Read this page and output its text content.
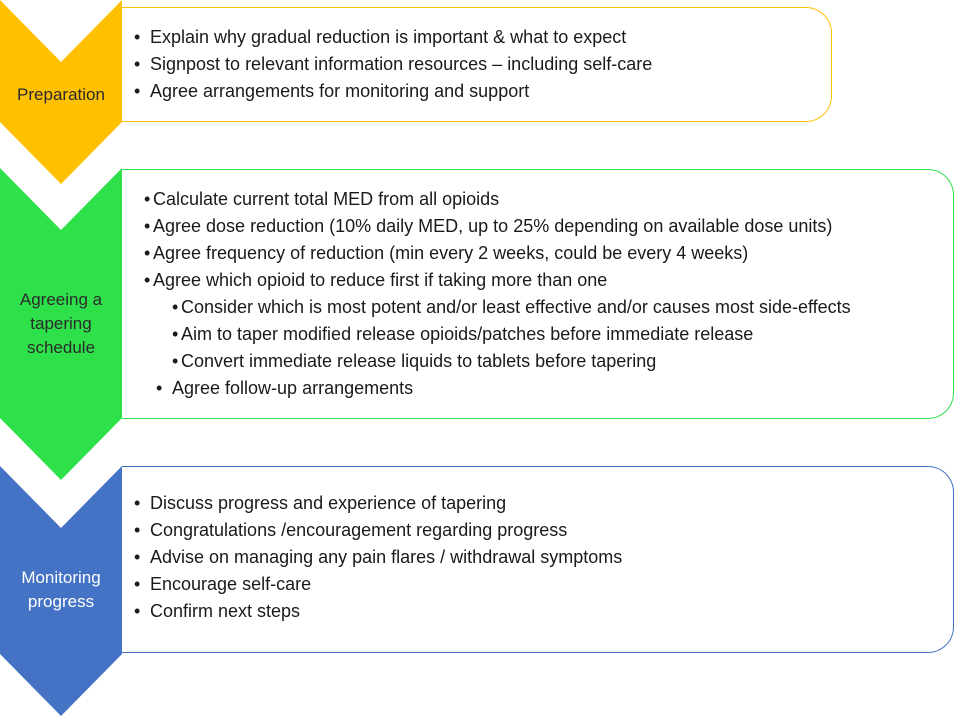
Preparation
• Explain why gradual reduction is important & what to expect
• Signpost to relevant information resources – including self-care
• Agree arrangements for monitoring and support
Agreeing a
tapering
schedule
• Calculate current total MED from all opioids
• Agree dose reduction (10% daily MED, up to 25% depending on available dose units)
• Agree frequency of reduction (min every 2 weeks, could be every 4 weeks)
• Agree which opioid to reduce first if taking more than one
• Consider which is most potent and/or least effective and/or causes most side-effects
• Aim to taper modified release opioids/patches before immediate release
• Convert immediate release liquids to tablets before tapering
• Agree follow-up arrangements
Monitoring
progress
• Discuss progress and experience of tapering
• Congratulations /encouragement regarding progress
• Advise on managing any pain flares / withdrawal symptoms
• Encourage self-care
• Confirm next steps
